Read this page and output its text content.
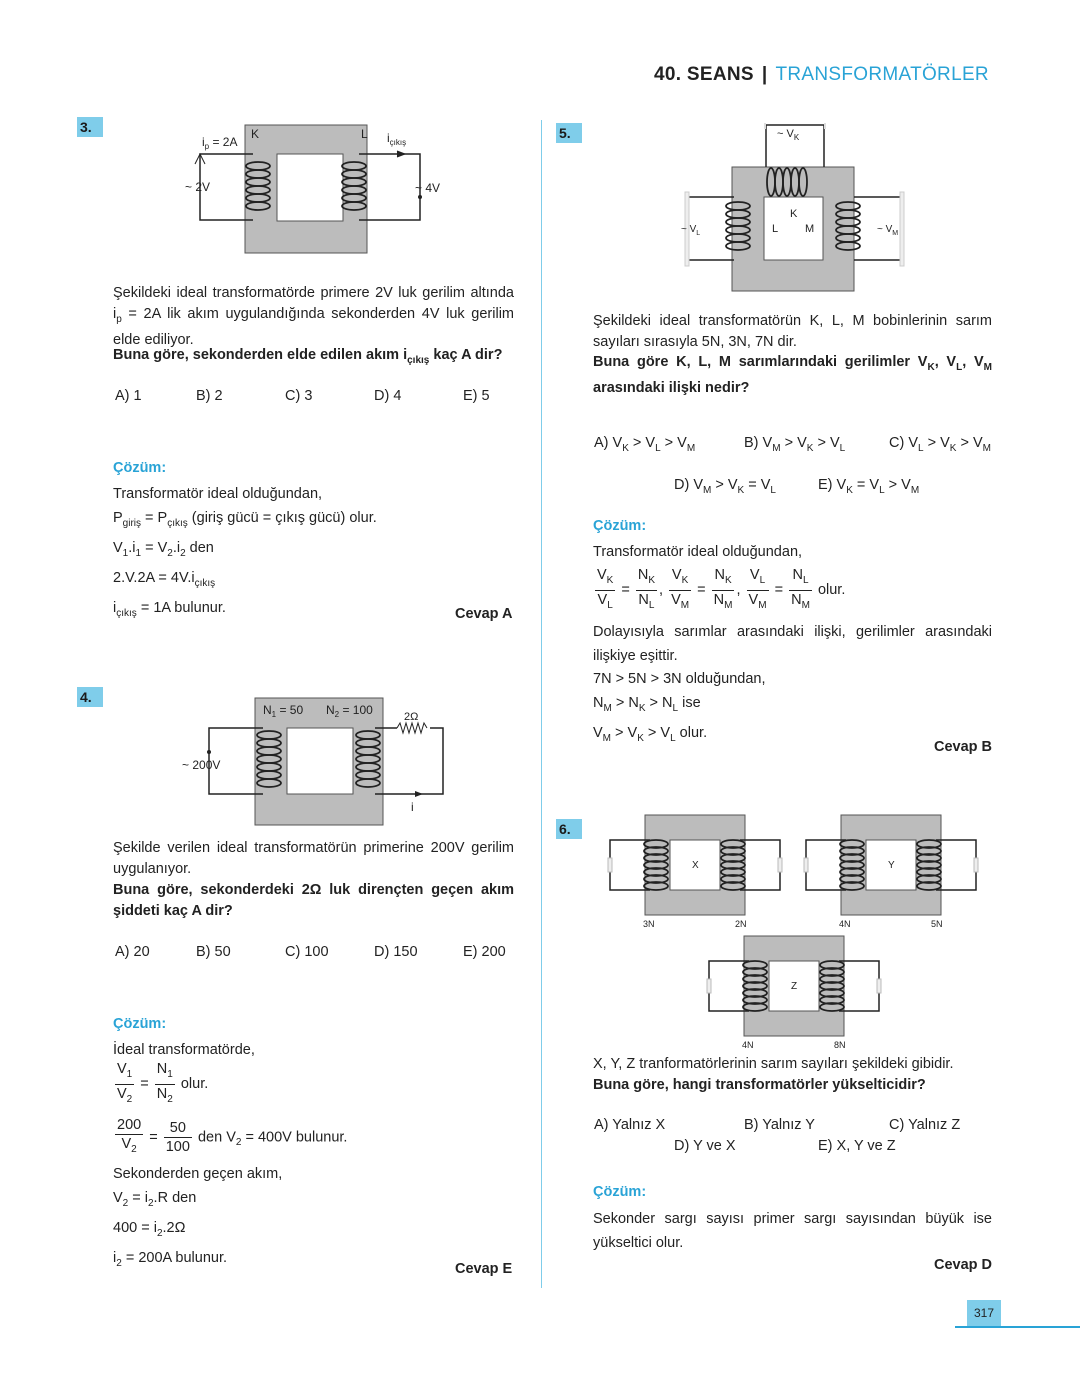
40. SEANS | TRANSFORMATÖRLER
3.
$i_p = 2A$
K	L $i_{çıkış}$
~ 2V	~ 4V
Şekildeki ideal transformatörde primere 2V luk gerilim altında $i_p = 2A$ lik akım uygulandığında sekonderden 4V luk gerilim elde ediliyor.
Buna göre, sekonderden elde edilen akım $i_{çıkış}$ kaç A dir?
A) 1	B) 2	C) 3	D) 4	E) 5
Çözüm:
Transformatör ideal olduğundan,
$P_{giriş} = P_{çıkış}$ (giriş gücü = çıkış gücü) olur.
$V_1.i_1 = V_2.i_2$ den
$2.V.2A = 4V.i_{çıkış}$
$i_{çıkış} = 1A$ bulunur.	Cevap A
4.
$N_1 = 50$ $N_2 = 100$	2Ω
~ 200V
i
Şekilde verilen ideal transformatörün primerine 200V gerilim uygulanıyor.
Buna göre, sekonderdeki 2Ω luk dirençten geçen akım şiddeti kaç A dir?
A) 20	B) 50	C) 100	D) 150	E) 200
Çözüm:
İdeal transformatörde,
$\frac{V_1}{V_2} = \frac{N_1}{N_2}$ olur.
$\frac{200}{V_2} = \frac{50}{100}$ den $V_2 = 400V$ bulunur.
Sekonderden geçen akım,
$V_2 = i_2.R$ den
$400 = i_2.2\Omega$
$i_2 = 200A$ bulunur.
Cevap E
5.	~ $V_K$
K
L M
~ $V_L$	~ $V_M$
Şekildeki ideal transformatörün K, L, M bobinlerinin sarım sayıları sırasıyla 5N, 3N, 7N dir.
Buna göre K, L, M sarımlarındaki gerilimler $V_K$, $V_L$, $V_M$ arasındaki ilişki nedir?
A) $V_K > V_L > V_M$	B) $V_M > V_K > V_L$	C) $V_L > V_K > V_M$
D) $V_M > V_K = V_L$	E) $V_K = V_L > V_M$
Çözüm:
Transformatör ideal olduğundan,
$\frac{V_K}{V_L} = \frac{N_K}{N_L}$ , $\frac{V_K}{V_M} = \frac{N_K}{N_M}$ , $\frac{V_L}{V_M} = \frac{N_L}{N_M}$ olur.
Dolayısıyla sarımlar arasındaki ilişki, gerilimler arasındaki ilişkiye eşittir.
7N > 5N > 3N olduğundan,
$N_M > N_K > N_L$ ise
$V_M > V_K > V_L$ olur.
Cevap B
6.
X
3N	2N
Y
4N	5N
Z
4N	8N
X, Y, Z tranformatörlerinin sarım sayıları şekildeki gibidir.
Buna göre, hangi transformatörler yükselticidir?
A) Yalnız X	B) Yalnız Y	C) Yalnız Z
D) Y ve X	E) X, Y ve Z
Çözüm:
Sekonder sargı sayısı primer sargı sayısından büyük ise yükseltici olur.
Cevap D
317
